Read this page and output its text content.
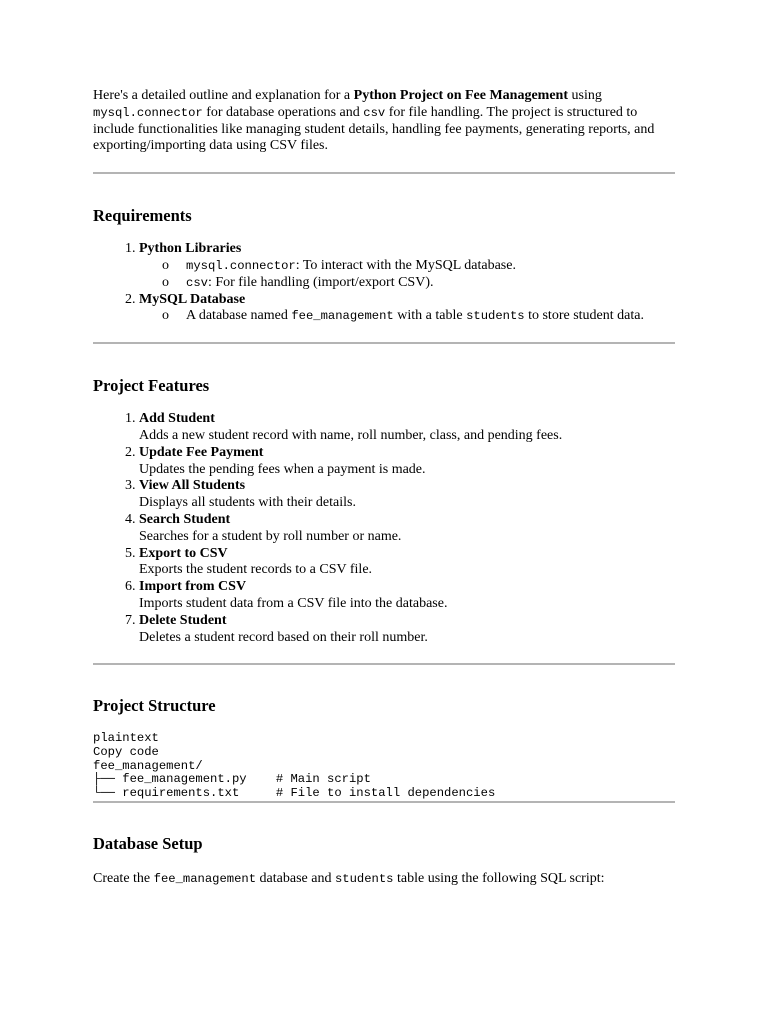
Here's a detailed outline and explanation for a Python Project on Fee Management using mysql.connector for database operations and csv for file handling. The project is structured to include functionalities like managing student details, handling fee payments, generating reports, and exporting/importing data using CSV files.

Requirements
1. Python Libraries
o mysql.connector: To interact with the MySQL database.
o csv: For file handling (import/export CSV).
2. MySQL Database
o A database named fee_management with a table students to store student data.
Project Features
1. Add Student
Adds a new student record with name, roll number, class, and pending fees.
2. Update Fee Payment
Updates the pending fees when a payment is made.
3. View All Students
Displays all students with their details.
4. Search Student
Searches for a student by roll number or name.
5. Export to CSV
Exports the student records to a CSV file.
6. Import from CSV
Imports student data from a CSV file into the database.
7. Delete Student
Deletes a student record based on their roll number.
Project Structure
plaintext
Copy code
fee_management/
├── fee_management.py    # Main script
└── requirements.txt     # File to install dependencies
Database Setup

Create the fee_management database and students table using the following SQL script:
